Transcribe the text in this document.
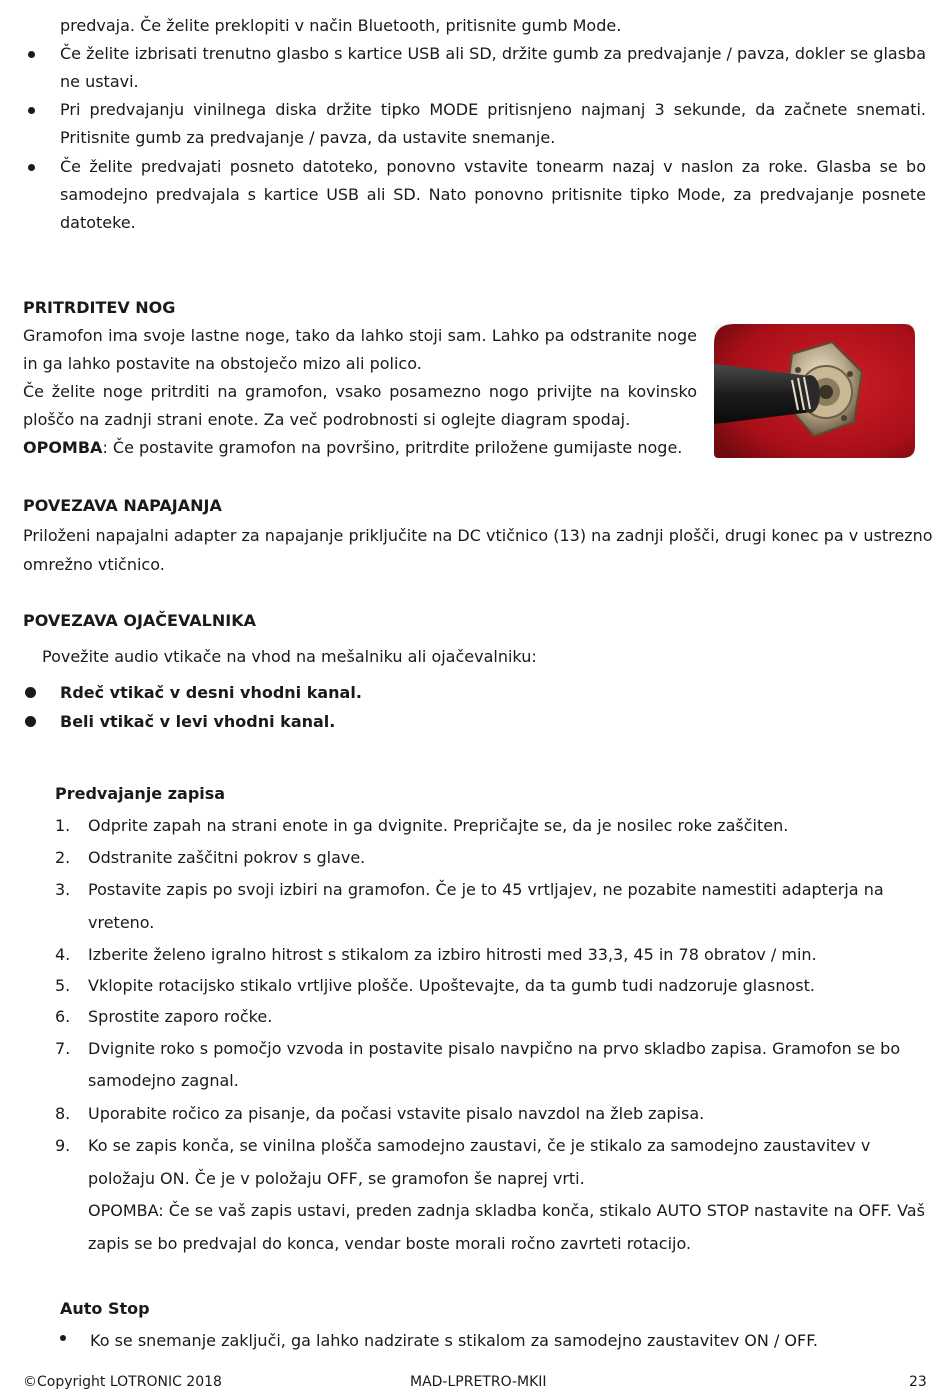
predvaja. Če želite preklopiti v način Bluetooth, pritisnite gumb Mode.
Če želite izbrisati trenutno glasbo s kartice USB ali SD, držite gumb za predvajanje / pavza, dokler se glasba
ne ustavi.
Pri predvajanju vinilnega diska držite tipko MODE pritisnjeno najmanj 3 sekunde, da začnete snemati.
Pritisnite gumb za predvajanje / pavza, da ustavite snemanje.
Če želite predvajati posneto datoteko, ponovno vstavite tonearm nazaj v naslon za roke. Glasba se bo
samodejno predvajala s kartice USB ali SD. Nato ponovno pritisnite tipko Mode, za predvajanje posnete
datoteke.
PRITRDITEV NOG
Gramofon ima svoje lastne noge, tako da lahko stoji sam. Lahko pa odstranite noge
in ga lahko postavite na obstoječo mizo ali polico.
Če želite noge pritrditi na gramofon, vsako posamezno nogo privijte na kovinsko
ploščo na zadnji strani enote. Za več podrobnosti si oglejte diagram spodaj.
OPOMBA: Če postavite gramofon na površino, pritrdite priložene gumijaste noge.
POVEZAVA NAPAJANJA
Priloženi napajalni adapter za napajanje priključite na DC vtičnico (13) na zadnji plošči, drugi konec pa v ustrezno
omrežno vtičnico.
POVEZAVA OJAČEVALNIKA
Povežite audio vtikače na vhod na mešalniku ali ojačevalniku:
Rdeč vtikač v desni vhodni kanal.
Beli vtikač v levi vhodni kanal.
Predvajanje zapisa
1. Odprite zapah na strani enote in ga dvignite. Prepričajte se, da je nosilec roke zaščiten.
2. Odstranite zaščitni pokrov s glave.
3. Postavite zapis po svoji izbiri na gramofon. Če je to 45 vrtljajev, ne pozabite namestiti adapterja na
vreteno.
4. Izberite želeno igralno hitrost s stikalom za izbiro hitrosti med 33,3, 45 in 78 obratov / min.
5. Vklopite rotacijsko stikalo vrtljive plošče. Upoštevajte, da ta gumb tudi nadzoruje glasnost.
6. Sprostite zaporo ročke.
7. Dvignite roko s pomočjo vzvoda in postavite pisalo navpično na prvo skladbo zapisa. Gramofon se bo
samodejno zagnal.
8. Uporabite ročico za pisanje, da počasi vstavite pisalo navzdol na žleb zapisa.
9. Ko se zapis konča, se vinilna plošča samodejno zaustavi, če je stikalo za samodejno zaustavitev v
položaju ON. Če je v položaju OFF, se gramofon še naprej vrti.
OPOMBA: Če se vaš zapis ustavi, preden zadnja skladba konča, stikalo AUTO STOP nastavite na OFF. Vaš
zapis se bo predvajal do konca, vendar boste morali ročno zavrteti rotacijo.
Auto Stop
Ko se snemanje zaključi, ga lahko nadzirate s stikalom za samodejno zaustavitev ON / OFF.
©Copyright LOTRONIC 2018	MAD-LPRETRO-MKII	23
